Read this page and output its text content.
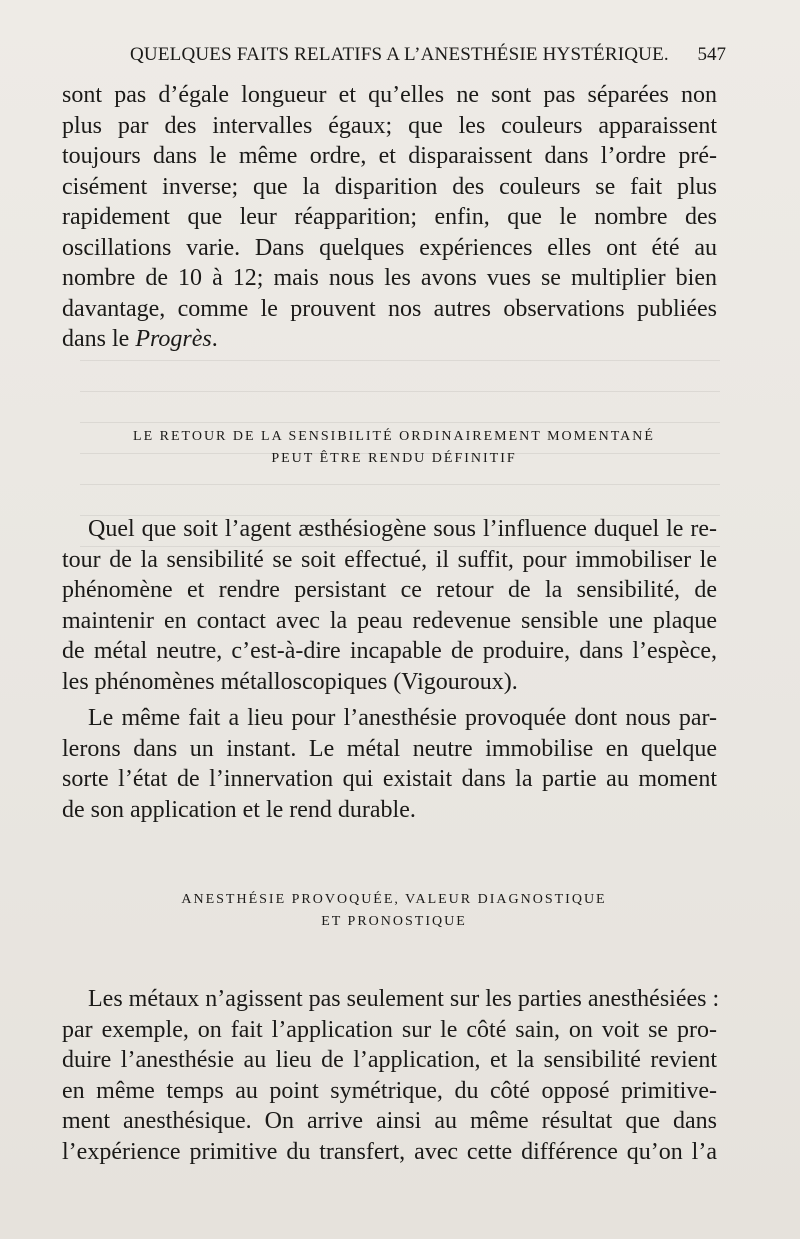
QUELQUES FAITS RELATIFS A L’ANESTHÉSIE HYSTÉRIQUE. 547
sont pas d’égale longueur et qu’elles ne sont pas séparées non
plus par des intervalles égaux; que les couleurs apparaissent
toujours dans le même ordre, et disparaissent dans l’ordre pré-
cisément inverse; que la disparition des couleurs se fait plus
rapidement que leur réapparition; enfin, que le nombre des
oscillations varie. Dans quelques expériences elles ont été au
nombre de 10 à 12; mais nous les avons vues se multiplier bien
davantage, comme le prouvent nos autres observations publiées
dans le Progrès.
LE RETOUR DE LA SENSIBILITÉ ORDINAIREMENT MOMENTANÉ
PEUT ÊTRE RENDU DÉFINITIF
Quel que soit l’agent æsthésiogène sous l’influence duquel le re-
tour de la sensibilité se soit effectué, il suffit, pour immobiliser le
phénomène et rendre persistant ce retour de la sensibilité, de
maintenir en contact avec la peau redevenue sensible une plaque
de métal neutre, c’est-à-dire incapable de produire, dans l’espèce,
les phénomènes métalloscopiques (Vigouroux).
Le même fait a lieu pour l’anesthésie provoquée dont nous par-
lerons dans un instant. Le métal neutre immobilise en quelque
sorte l’état de l’innervation qui existait dans la partie au moment
de son application et le rend durable.
ANESTHÉSIE PROVOQUÉE, VALEUR DIAGNOSTIQUE
ET PRONOSTIQUE
Les métaux n’agissent pas seulement sur les parties anesthésiées :
par exemple, on fait l’application sur le côté sain, on voit se pro-
duire l’anesthésie au lieu de l’application, et la sensibilité revient
en même temps au point symétrique, du côté opposé primitive-
ment anesthésique. On arrive ainsi au même résultat que dans
l’expérience primitive du transfert, avec cette différence qu’on l’a
